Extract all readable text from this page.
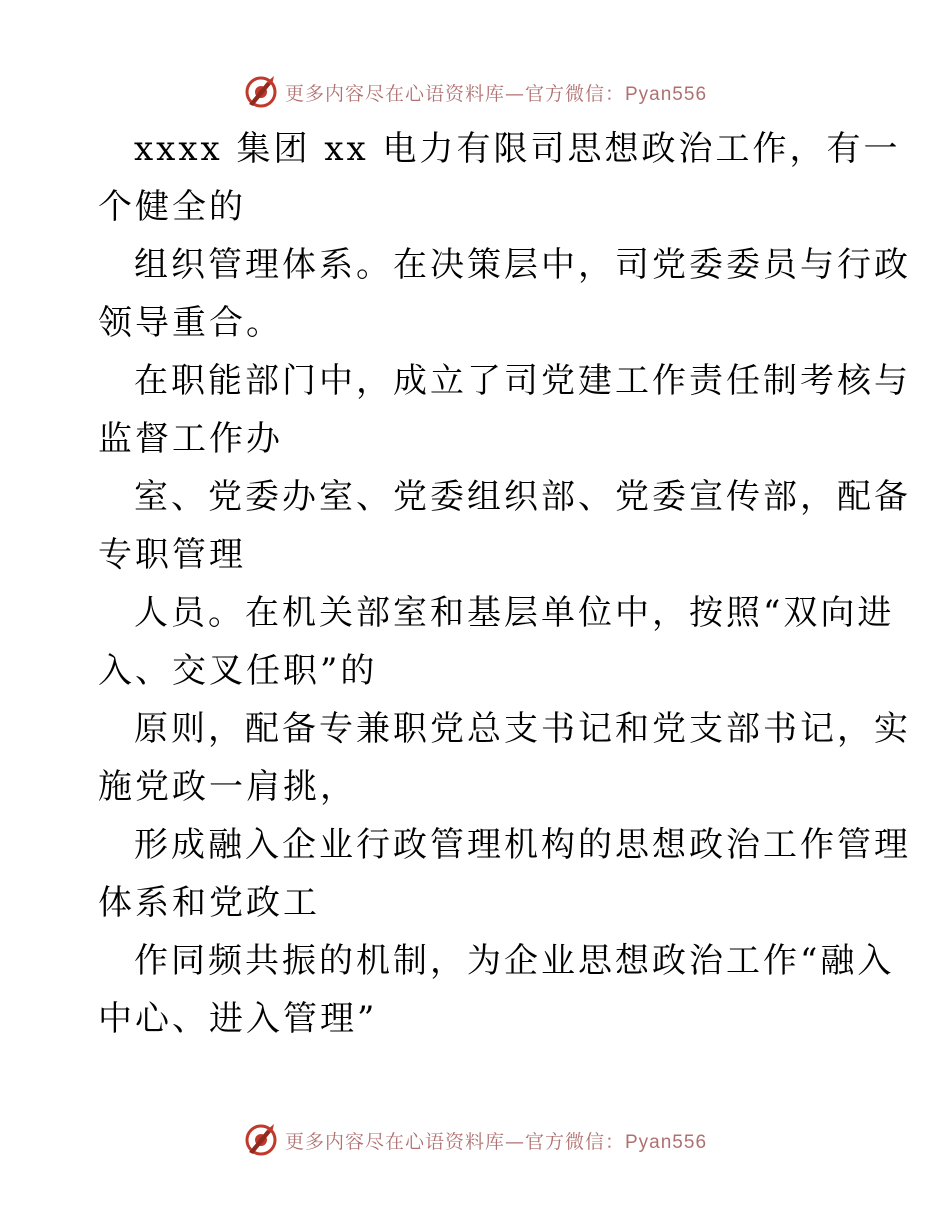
更多内容尽在心语资料库—官方微信：Pyan556

xxxx 集团 xx 电力有限司思想政治工作，有一
个健全的

组织管理体系。在决策层中，司党委委员与行政
领导重合。

在职能部门中，成立了司党建工作责任制考核与
监督工作办

室、党委办室、党委组织部、党委宣传部，配备
专职管理

人员。在机关部室和基层单位中，按照“双向进
入、交叉任职”的

原则，配备专兼职党总支书记和党支部书记，实
施党政一肩挑，

形成融入企业行政管理机构的思想政治工作管理
体系和党政工

作同频共振的机制，为企业思想政治工作“融入
中心、进入管理”

更多内容尽在心语资料库—官方微信：Pyan556
